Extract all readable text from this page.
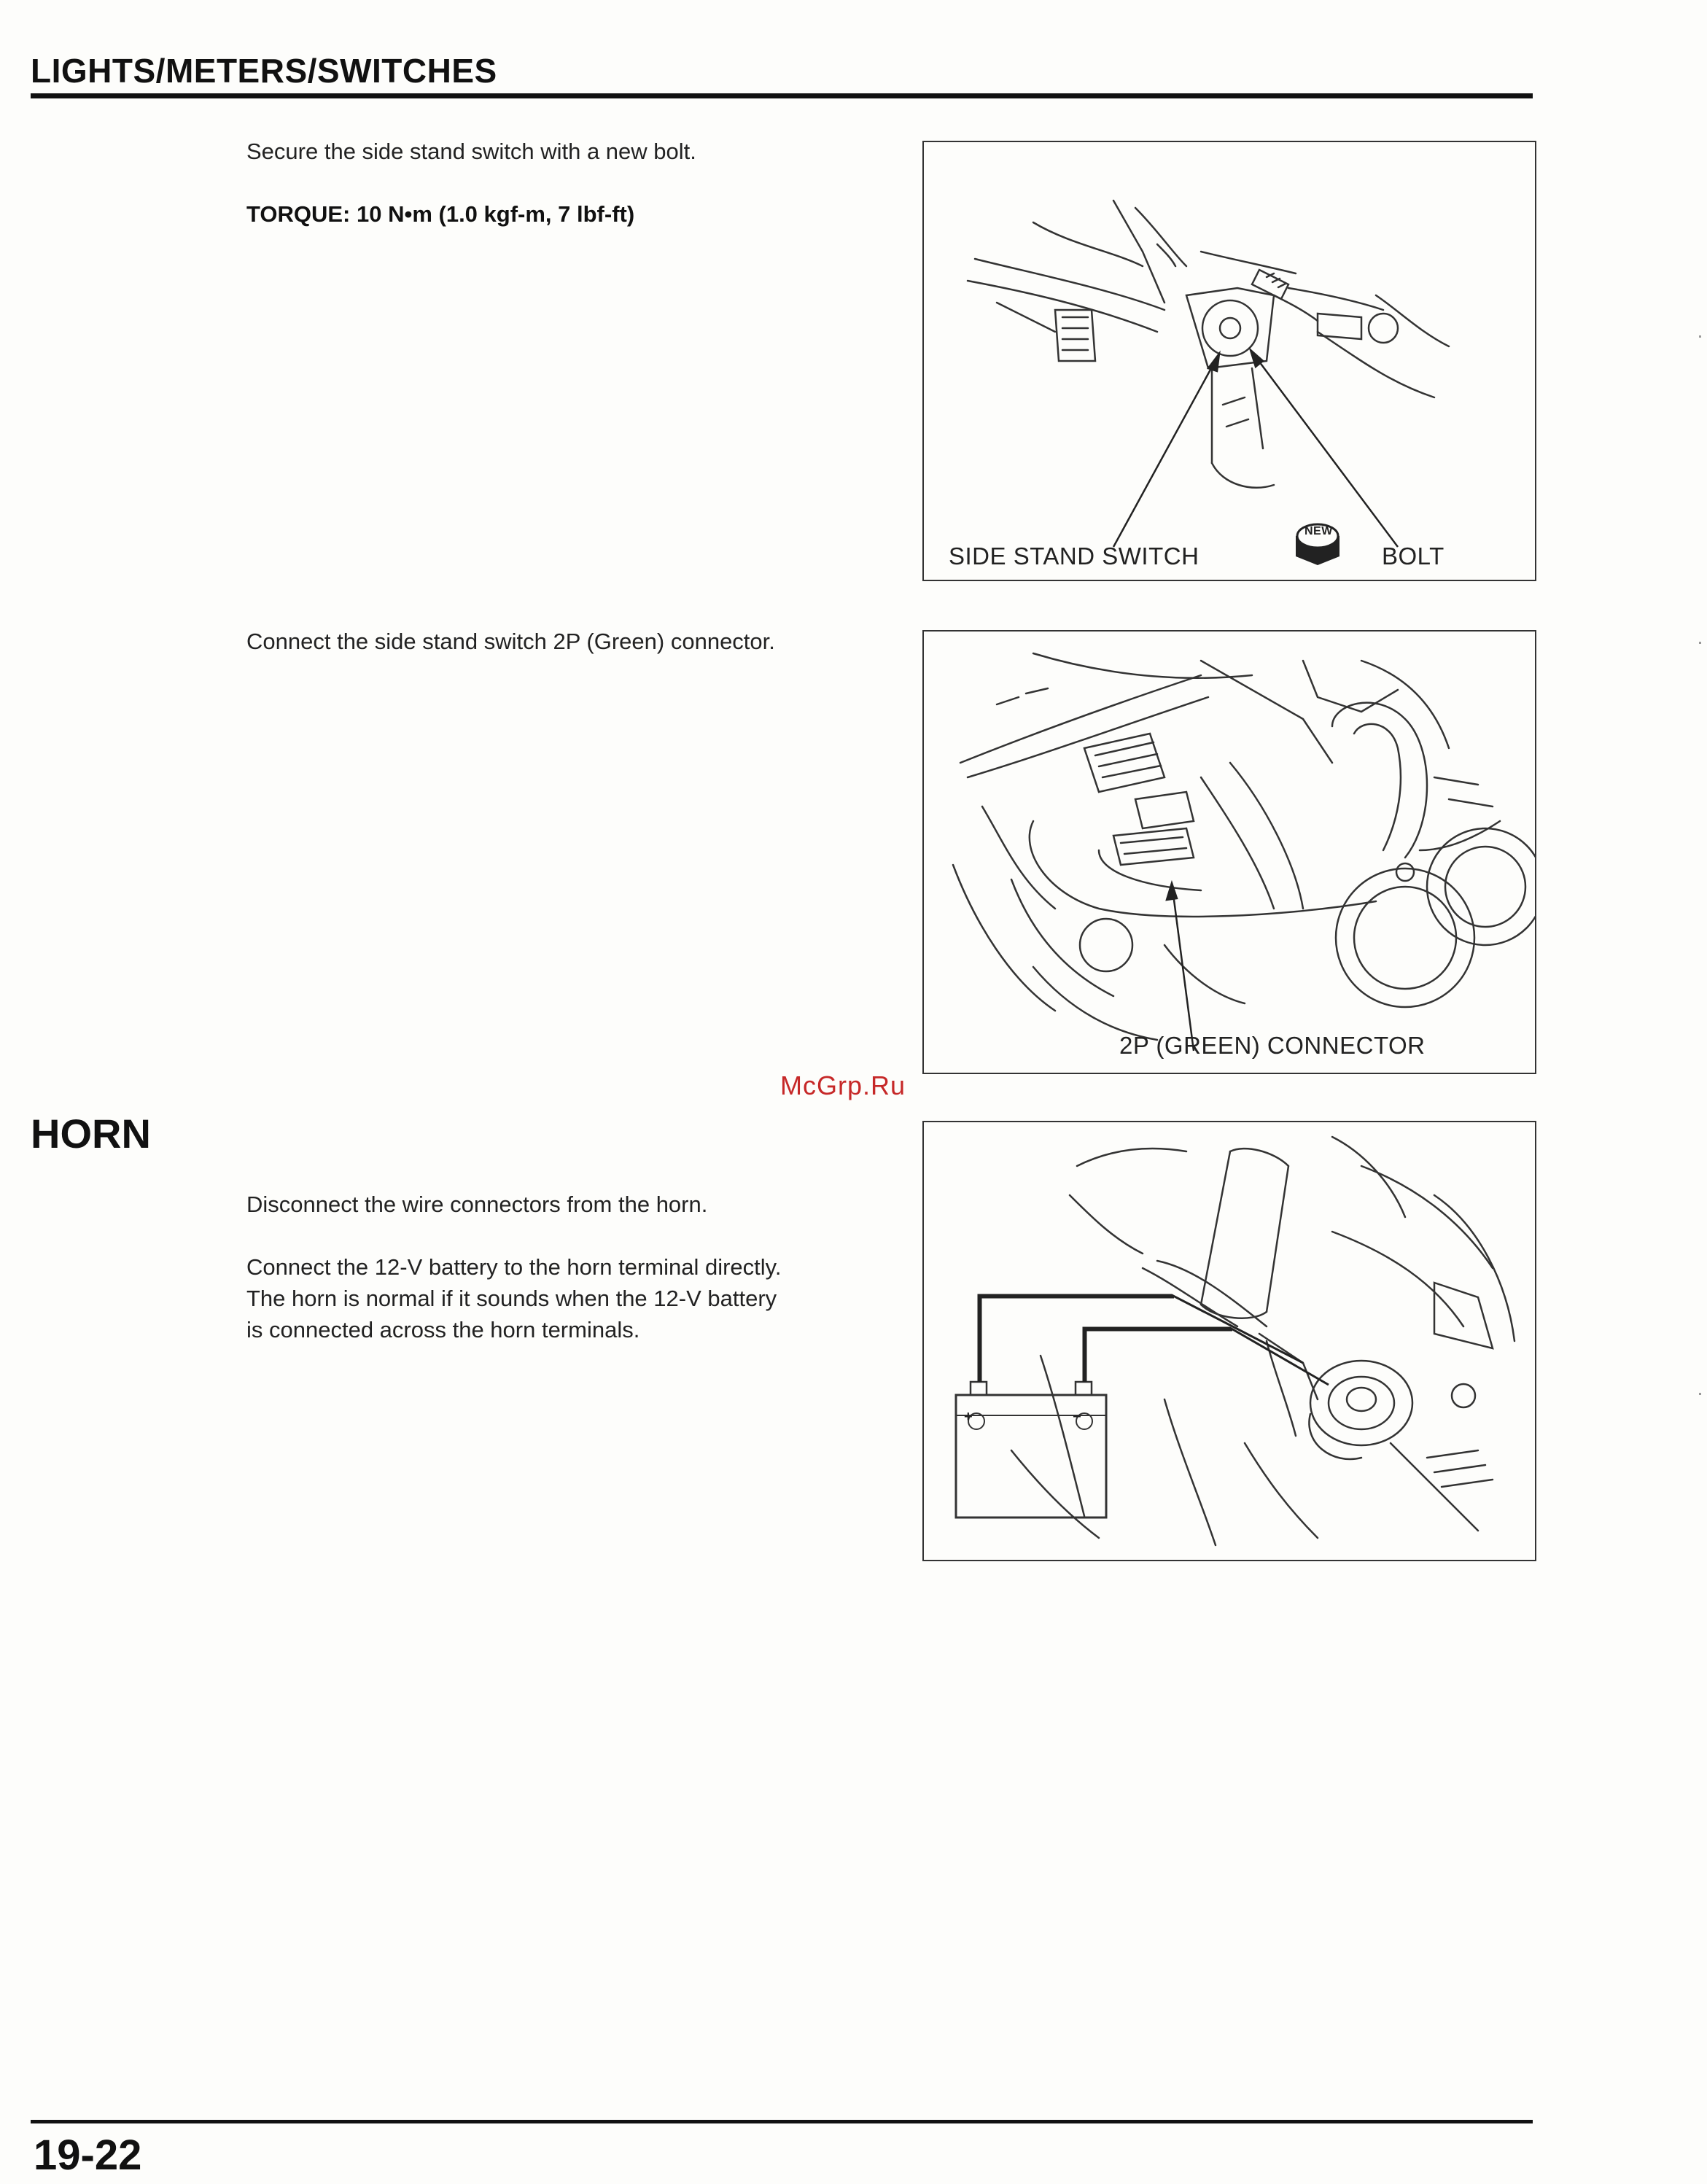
LIGHTS/METERS/SWITCHES
Secure the side stand switch with a new bolt.
TORQUE: 10 N•m (1.0 kgf-m, 7 lbf-ft)
NEW
SIDE STAND SWITCH	BOLT
Connect the side stand switch 2P (Green) connector.
2P (GREEN) CONNECTOR
McGrp.Ru
HORN
Disconnect the wire connectors from the horn.
Connect the 12-V battery to the horn terminal directly.
The horn is normal if it sounds when the 12-V battery
is connected across the horn terminals.
+	−
19-22
